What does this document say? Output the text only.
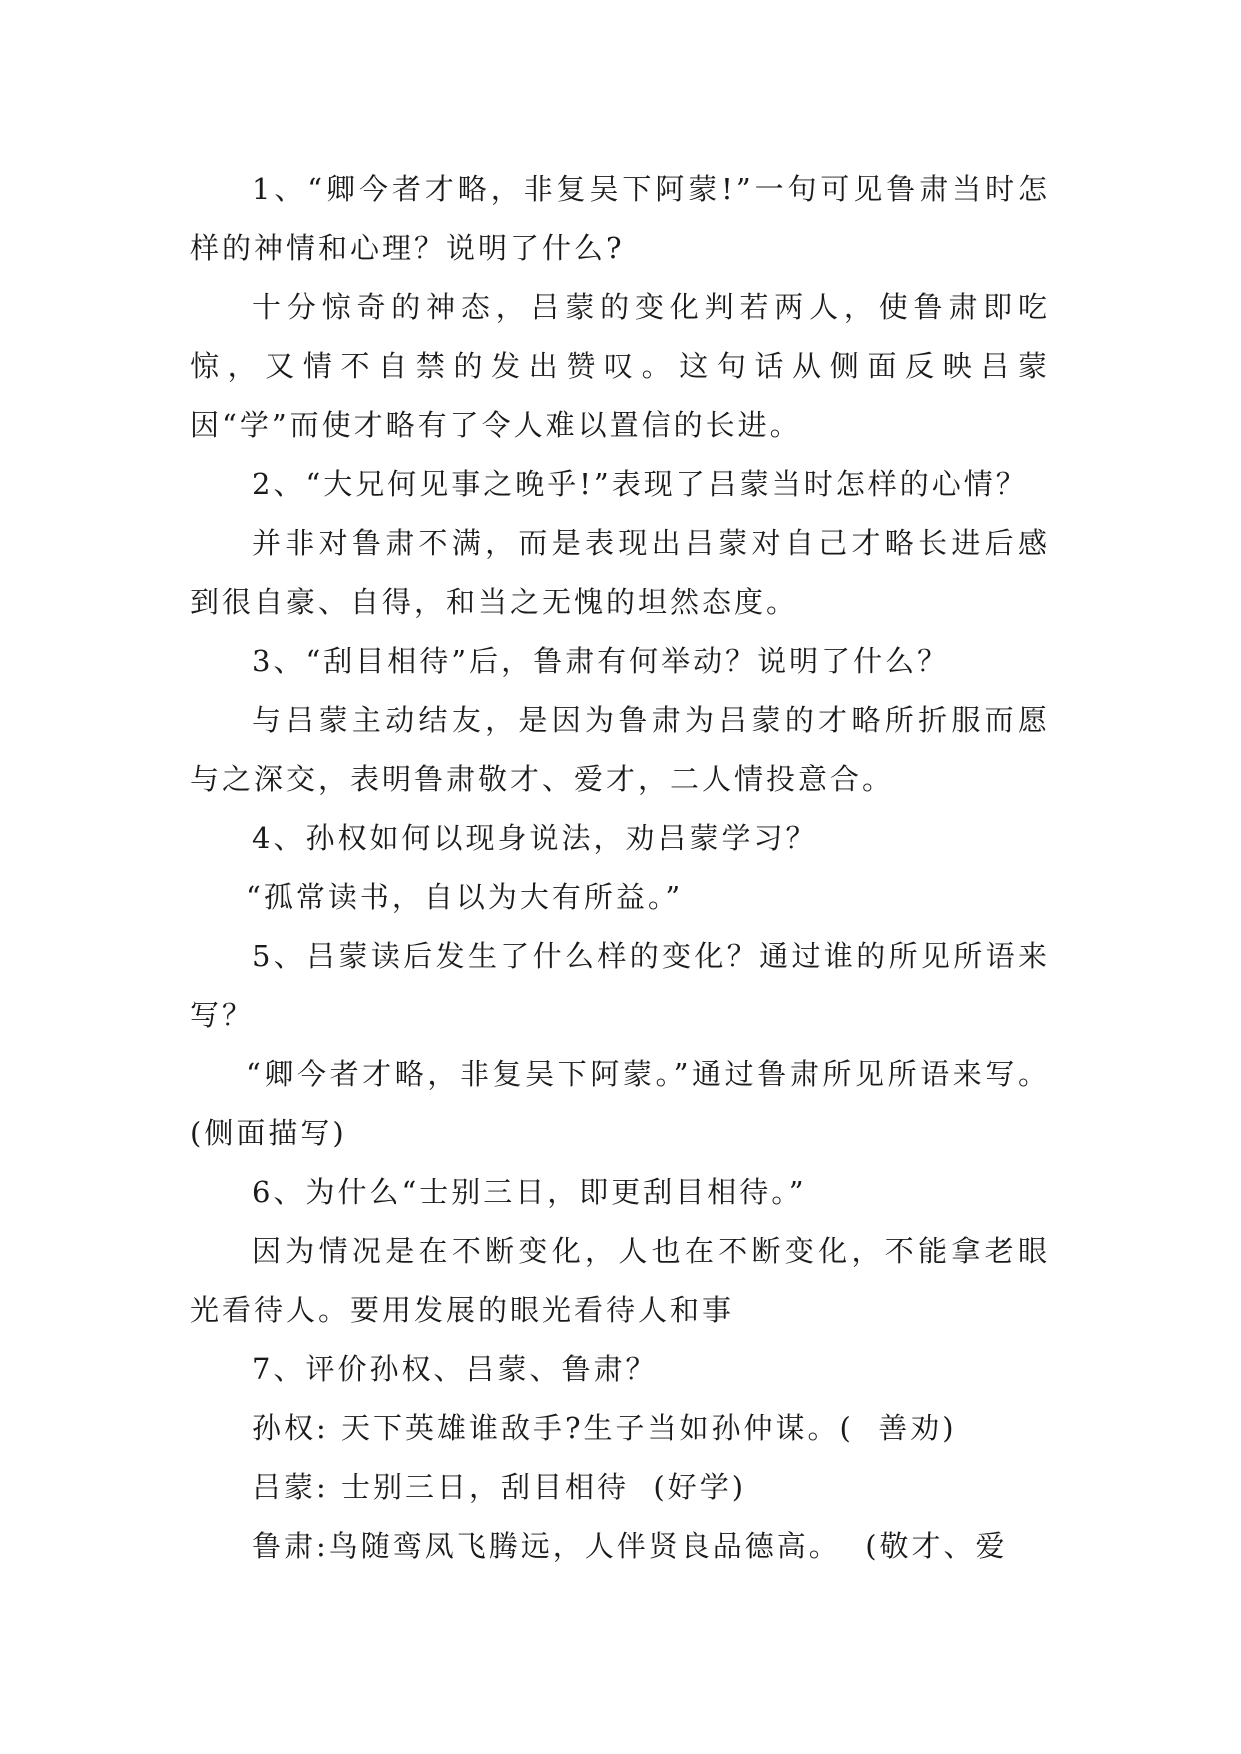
1、“卿今者才略，非复吴下阿蒙!”一句可见鲁肃当时怎样的神情和心理？说明了什么?

十分惊奇的神态，吕蒙的变化判若两人，使鲁肃即吃惊，又情不自禁的发出赞叹。这句话从侧面反映吕蒙因“学”而使才略有了令人难以置信的长进。

2、“大兄何见事之晚乎!”表现了吕蒙当时怎样的心情？

并非对鲁肃不满，而是表现出吕蒙对自己才略长进后感到很自豪、自得，和当之无愧的坦然态度。

3、“刮目相待”后，鲁肃有何举动？说明了什么？

与吕蒙主动结友，是因为鲁肃为吕蒙的才略所折服而愿与之深交，表明鲁肃敬才、爱才，二人情投意合。

4、孙权如何以现身说法，劝吕蒙学习？

“孤常读书，自以为大有所益。”

5、吕蒙读后发生了什么样的变化？通过谁的所见所语来写？

“卿今者才略，非复吴下阿蒙。”通过鲁肃所见所语来写。(侧面描写)

6、为什么“士别三日，即更刮目相待。”

因为情况是在不断变化，人也在不断变化，不能拿老眼光看待人。要用发展的眼光看待人和事

7、评价孙权、吕蒙、鲁肃？

孙权: 天下英雄谁敌手?生子当如孙仲谋。(  善劝)

吕蒙: 士别三日，刮目相待  (好学)

鲁肃:鸟随鸾凤飞腾远，人伴贤良品德高。  (敬才、爱
